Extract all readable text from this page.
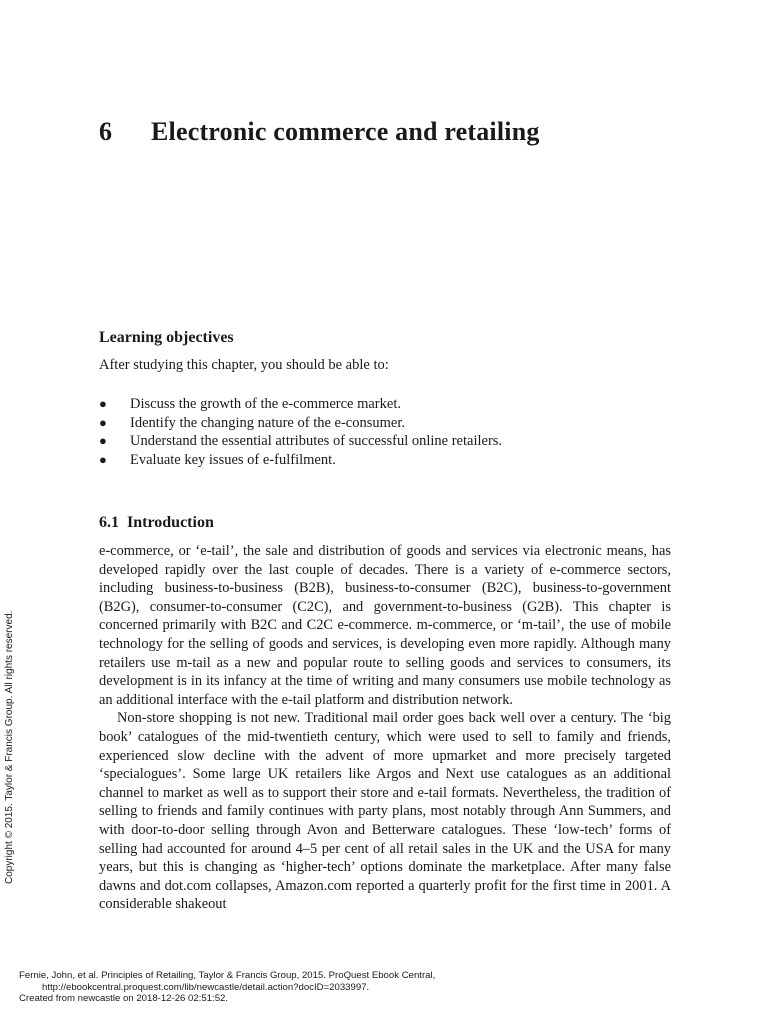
6 Electronic commerce and retailing
Learning objectives

After studying this chapter, you should be able to:

● Discuss the growth of the e-commerce market.
● Identify the changing nature of the e-consumer.
● Understand the essential attributes of successful online retailers.
● Evaluate key issues of e-fulfilment.
6.1 Introduction

e-commerce, or ‘e-tail’, the sale and distribution of goods and services via electronic means, has developed rapidly over the last couple of decades. There is a variety of e-commerce sectors, including business-to-business (B2B), business-to-consumer (B2C), business-to-government (B2G), consumer-to-consumer (C2C), and government-to-business (G2B). This chapter is concerned primarily with B2C and C2C e-commerce. m-commerce, or ‘m-tail’, the use of mobile technology for the selling of goods and services, is developing even more rapidly. Although many retailers use m-tail as a new and popular route to selling goods and services to consumers, its development is in its infancy at the time of writing and many consumers use mobile technology as an additional interface with the e-tail platform and distribution network.

Non-store shopping is not new. Traditional mail order goes back well over a century. The ‘big book’ catalogues of the mid-twentieth century, which were used to sell to family and friends, experienced slow decline with the advent of more upmarket and more precisely targeted ‘specialogues’. Some large UK retailers like Argos and Next use catalogues as an additional channel to market as well as to support their store and e-tail formats. Nevertheless, the tradition of selling to friends and family continues with party plans, most notably through Ann Summers, and with door-to-door selling through Avon and Betterware catalogues. These ‘low-tech’ forms of selling had accounted for around 4–5 per cent of all retail sales in the UK and the USA for many years, but this is changing as ‘higher-tech’ options dominate the marketplace. After many false dawns and dot.com collapses, Amazon.com reported a quarterly profit for the first time in 2001. A considerable shakeout

Copyright © 2015. Taylor & Francis Group. All rights reserved.
Fernie, John, et al. Principles of Retailing, Taylor & Francis Group, 2015. ProQuest Ebook Central,
http://ebookcentral.proquest.com/lib/newcastle/detail.action?docID=2033997.
Created from newcastle on 2018-12-26 02:51:52.
